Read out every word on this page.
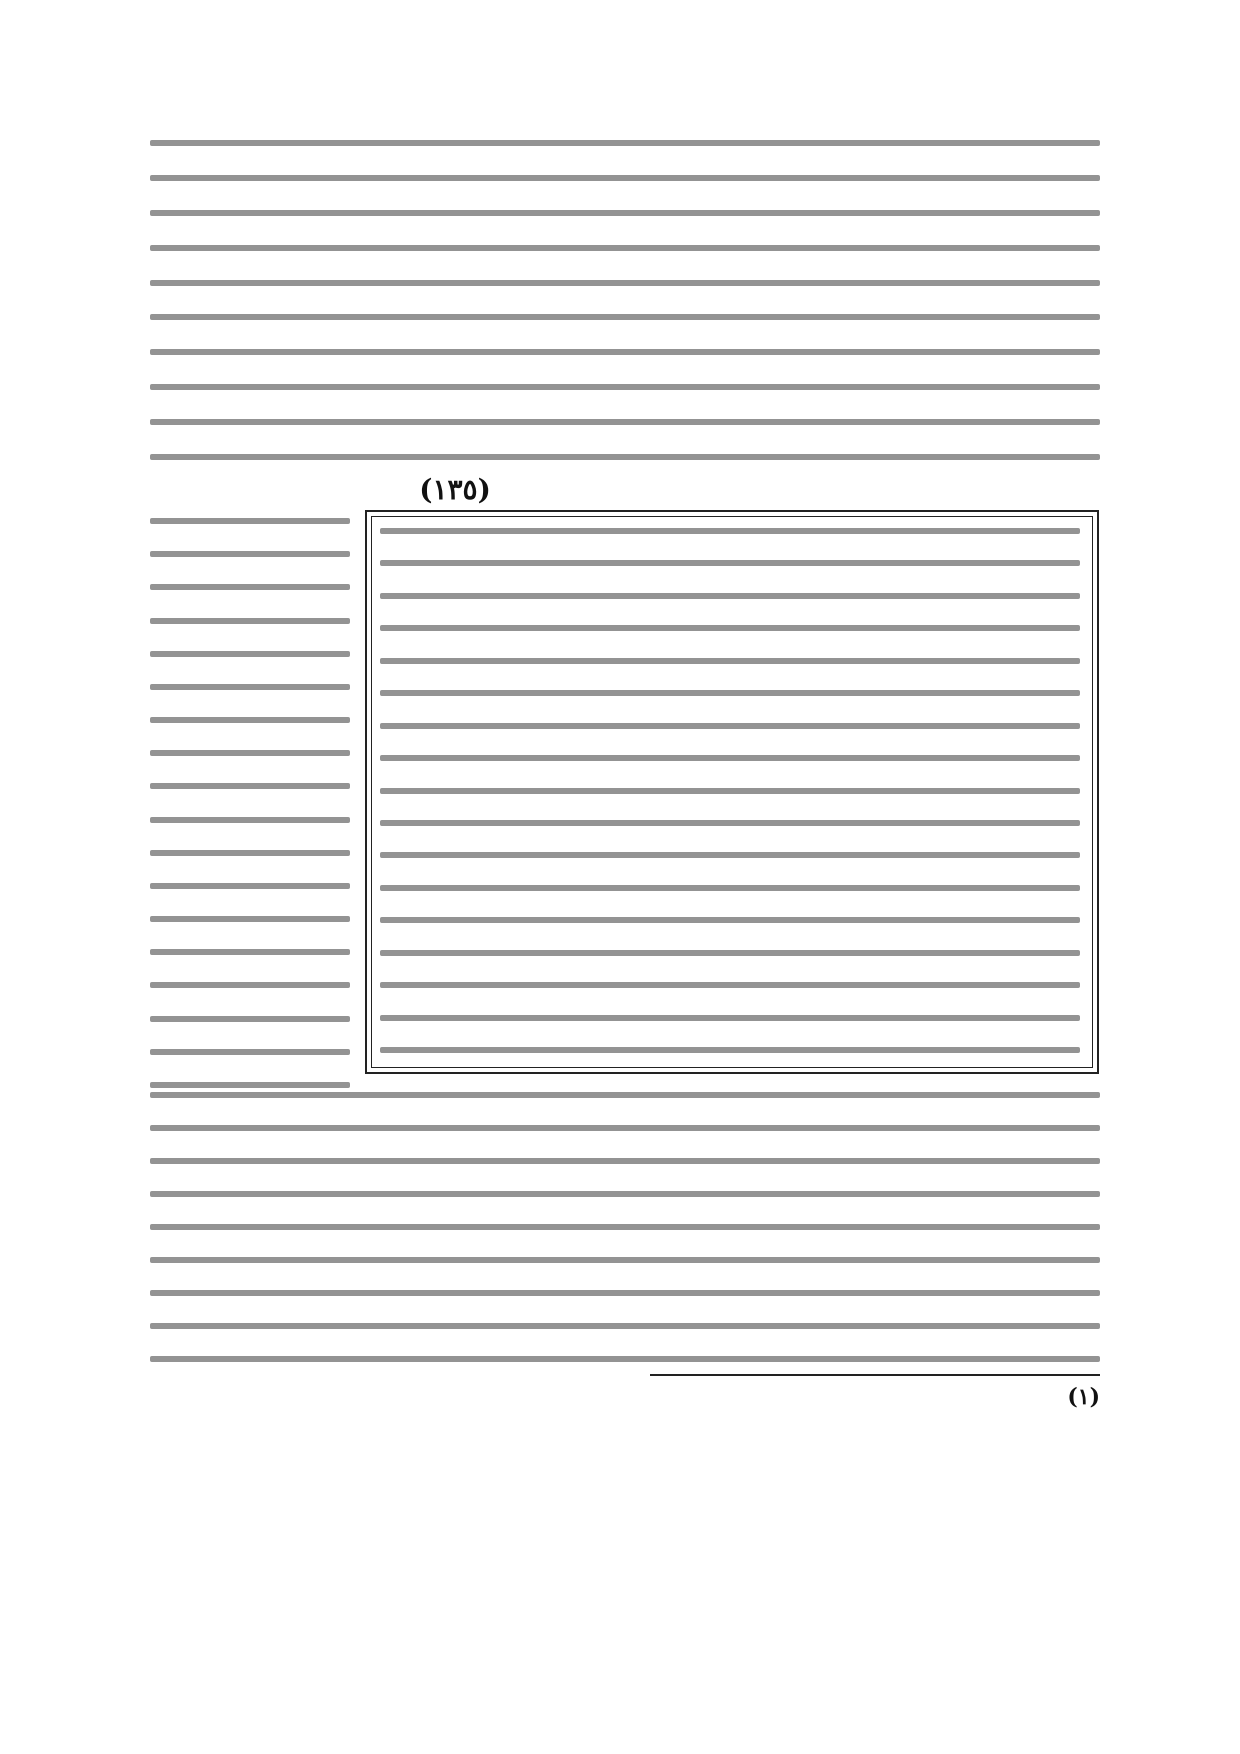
(١٣٥)
(١)
